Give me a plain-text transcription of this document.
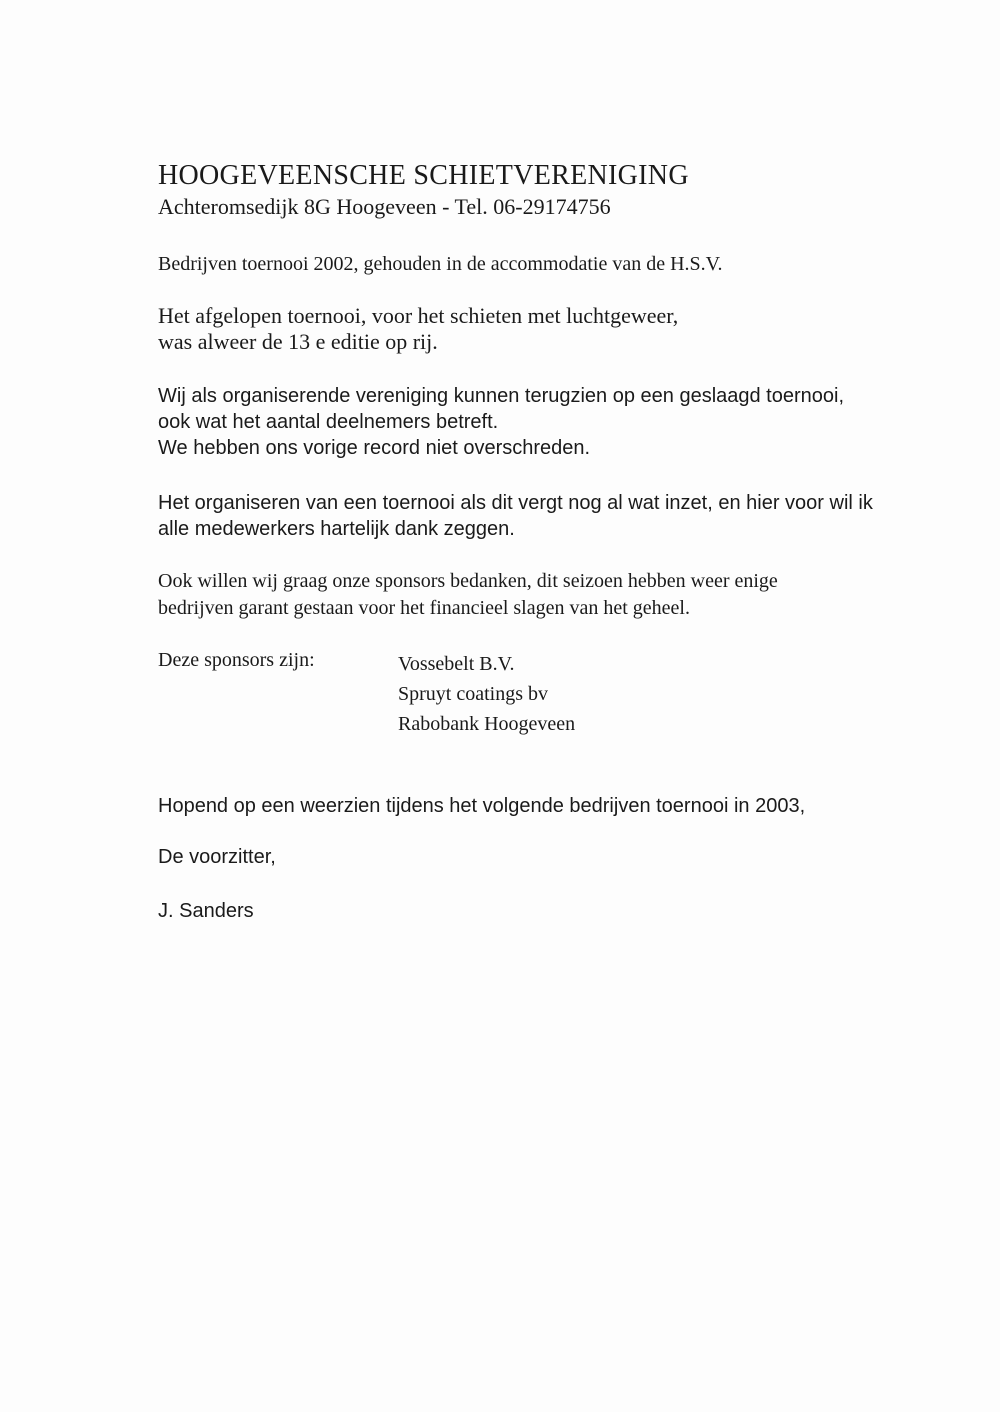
HOOGEVEENSCHE SCHIETVERENIGING
Achteromsedijk 8G Hoogeveen - Tel. 06-29174756
Bedrijven toernooi 2002, gehouden in de accommodatie van de H.S.V.
Het afgelopen toernooi, voor het schieten met luchtgeweer,
was alweer de 13 e editie op rij.
Wij als organiserende vereniging kunnen terugzien op een geslaagd toernooi,
ook wat het aantal deelnemers betreft.
We hebben ons vorige record niet overschreden.
Het organiseren van een toernooi als dit vergt nog al wat inzet, en hier voor wil ik
alle medewerkers hartelijk dank zeggen.
Ook willen wij graag onze sponsors bedanken, dit seizoen hebben weer enige
bedrijven garant gestaan voor het financieel slagen van het geheel.
Deze sponsors zijn:	Vossebelt B.V.
Spruyt coatings bv
Rabobank Hoogeveen
Hopend op een weerzien tijdens het volgende bedrijven toernooi in 2003,
De voorzitter,
J. Sanders
